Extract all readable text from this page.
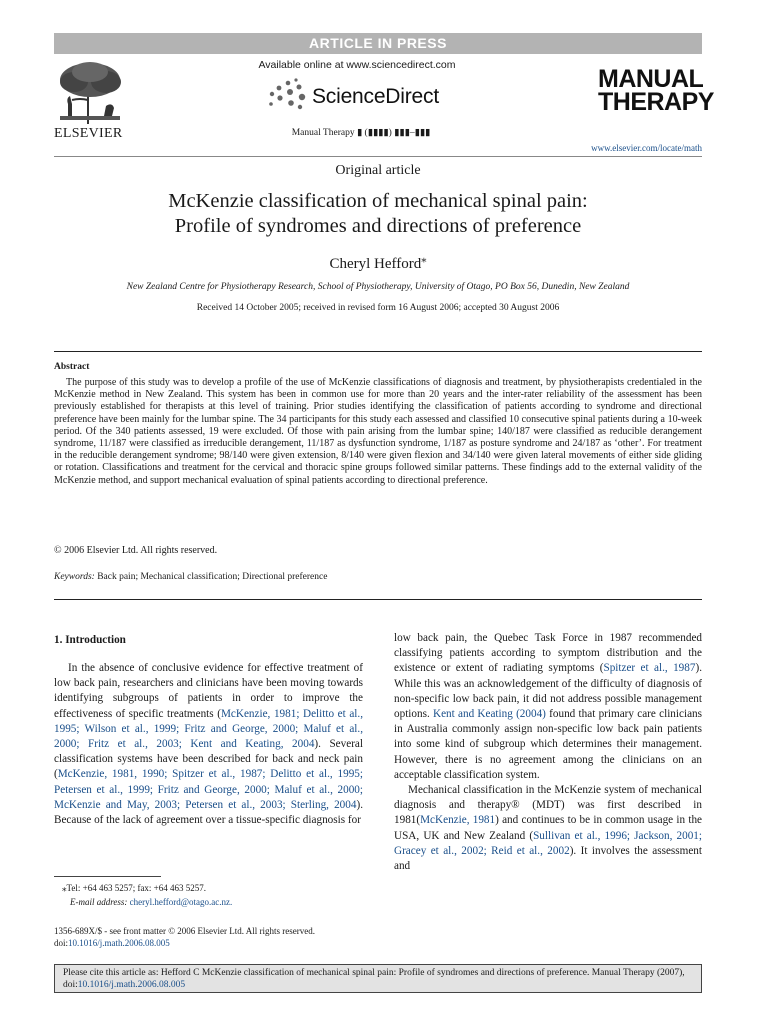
ARTICLE IN PRESS
ELSEVIER
Available online at www.sciencedirect.com
ScienceDirect
Manual Therapy ▮ (▮▮▮▮) ▮▮▮–▮▮▮
MANUAL
THERAPY
www.elsevier.com/locate/math
Original article
McKenzie classification of mechanical spinal pain:
Profile of syndromes and directions of preference
Cheryl Hefford⁎
New Zealand Centre for Physiotherapy Research, School of Physiotherapy, University of Otago, PO Box 56, Dunedin, New Zealand
Received 14 October 2005; received in revised form 16 August 2006; accepted 30 August 2006
Abstract
The purpose of this study was to develop a profile of the use of McKenzie classifications of diagnosis and treatment, by physiotherapists credentialed in the McKenzie method in New Zealand. This system has been in common use for more than 20 years and the inter-rater reliability of the assessment has been previously established for therapists at this level of training. Prior studies identifying the classification of patients according to syndrome and directional preference have been mainly for the lumbar spine. The 34 participants for this study each assessed and classified 10 consecutive spinal patients during a 10-week period. Of the 340 patients assessed, 19 were excluded. Of those with pain arising from the lumbar spine; 140/187 were classified as reducible derangement syndrome, 11/187 were classified as irreducible derangement, 11/187 as dysfunction syndrome, 1/187 as posture syndrome and 24/187 as ‘other’. For treatment in the reducible derangement syndrome; 98/140 were given extension, 8/140 were given flexion and 34/140 were given lateral movements of either side gliding or rotation. Classifications and treatment for the cervical and thoracic spine groups followed similar patterns. These findings add to the external validity of the McKenzie method, and support mechanical evaluation of spinal patients according to directional preference.
© 2006 Elsevier Ltd. All rights reserved.
Keywords: Back pain; Mechanical classification; Directional preference
1. Introduction
In the absence of conclusive evidence for effective treatment of low back pain, researchers and clinicians have been moving towards identifying subgroups of patients in order to improve the effectiveness of specific treatments (McKenzie, 1981; Delitto et al., 1995; Wilson et al., 1999; Fritz and George, 2000; Maluf et al., 2000; Fritz et al., 2003; Kent and Keating, 2004). Several classification systems have been described for back and neck pain (McKenzie, 1981, 1990; Spitzer et al., 1987; Delitto et al., 1995; Petersen et al., 1999; Fritz and George, 2000; Maluf et al., 2000; McKenzie and May, 2003; Petersen et al., 2003; Sterling, 2004). Because of the lack of agreement over a tissue-specific diagnosis for
low back pain, the Quebec Task Force in 1987 recommended classifying patients according to symptom distribution and the existence or extent of radiating symptoms (Spitzer et al., 1987). While this was an acknowledgement of the difficulty of diagnosis of non-specific low back pain, it did not address possible management options. Kent and Keating (2004) found that primary care clinicians in Australia commonly assign non-specific low back pain patients into some kind of subgroup which determines their management. However, there is no agreement among the clinicians on an acceptable classification system.
Mechanical classification in the McKenzie system of mechanical diagnosis and therapy® (MDT) was first described in 1981(McKenzie, 1981) and continues to be in common usage in the USA, UK and New Zealand (Sullivan et al., 1996; Jackson, 2001; Gracey et al., 2002; Reid et al., 2002). It involves the assessment and
⁎Tel: +64 463 5257; fax: +64 463 5257.
E-mail address: cheryl.hefford@otago.ac.nz.
1356-689X/$ - see front matter © 2006 Elsevier Ltd. All rights reserved.
doi:10.1016/j.math.2006.08.005
Please cite this article as: Hefford C McKenzie classification of mechanical spinal pain: Profile of syndromes and directions of preference. Manual Therapy (2007), doi:10.1016/j.math.2006.08.005
